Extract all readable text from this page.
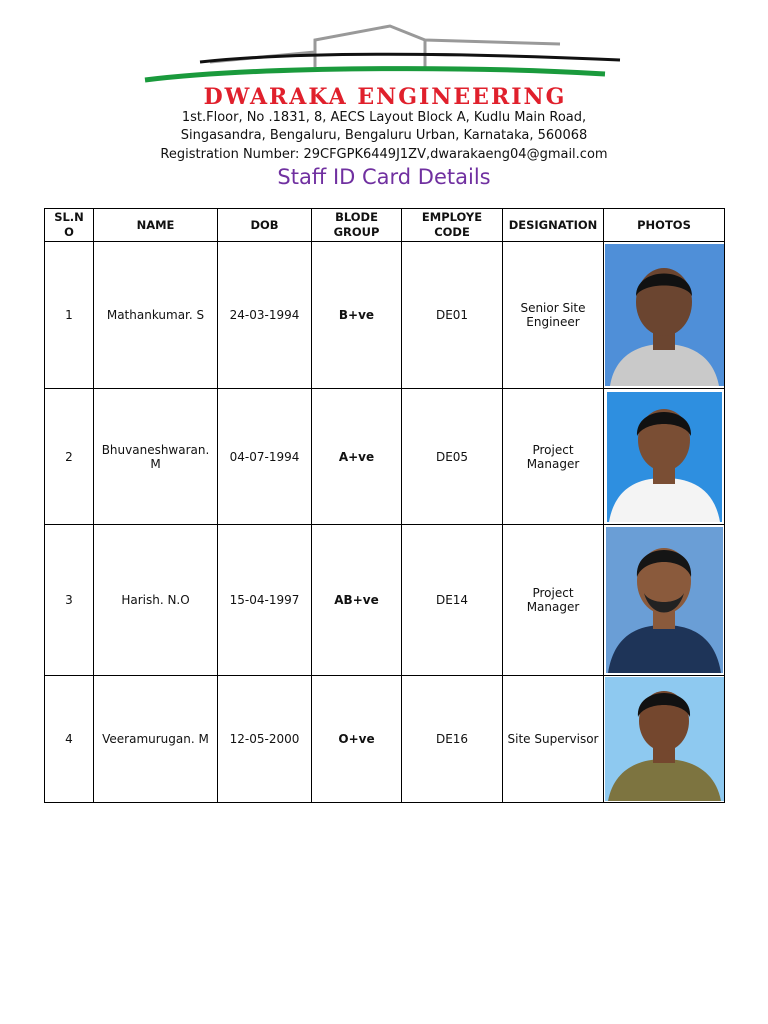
DWARAKA ENGINEERING
1st.Floor, No .1831, 8, AECS Layout Block A, Kudlu Main Road,
Singasandra, Bengaluru, Bengaluru Urban, Karnataka, 560068
Registration Number: 29CFGPK6449J1ZV,dwarakaeng04@gmail.com
Staff ID Card Details
SL.N O	NAME	DOB	BLODE GROUP	EMPLOYE CODE	DESIGNATION	PHOTOS
1	Mathankumar. S	24-03-1994	B+ve	DE01	Senior Site Engineer	

2	Bhuvaneshwaran. M	04-07-1994	A+ve	DE05	Project Manager	

3	Harish. N.O	15-04-1997	AB+ve	DE14	Project Manager	

4	Veeramurugan. M	12-05-2000	O+ve	DE16	Site Supervisor	
